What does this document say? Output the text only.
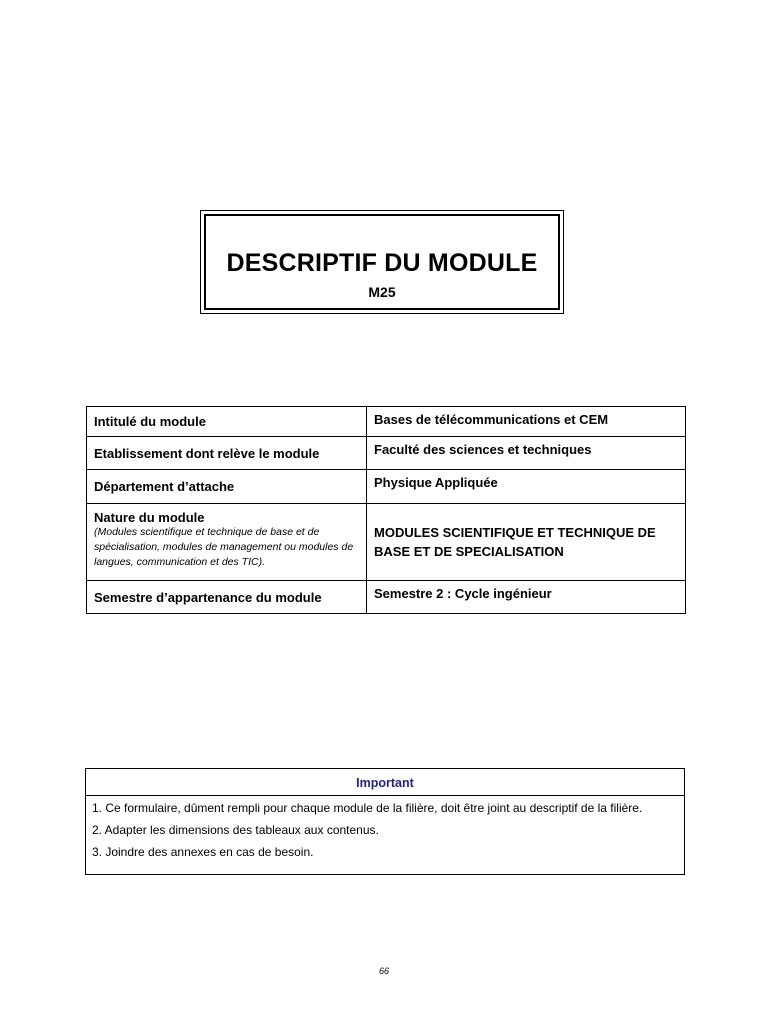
DESCRIPTIF DU MODULE
M25
Intitulé du module	Bases de télécommunications et CEM
Etablissement dont relève le module	Faculté des sciences et techniques
Département d’attache	Physique Appliquée

Nature du module
(Modules scientifique et technique de base et de spécialisation, modules de management ou modules de langues, communication et des TIC).	MODULES SCIENTIFIQUE ET TECHNIQUE DE BASE ET DE SPECIALISATION
Semestre d’appartenance du module	Semestre 2 : Cycle ingénieur
Important
1. Ce formulaire, dûment rempli pour chaque module de la filière, doit être joint au descriptif de la filière.
2. Adapter les dimensions des tableaux aux contenus.
3. Joindre des annexes en cas de besoin.
66
